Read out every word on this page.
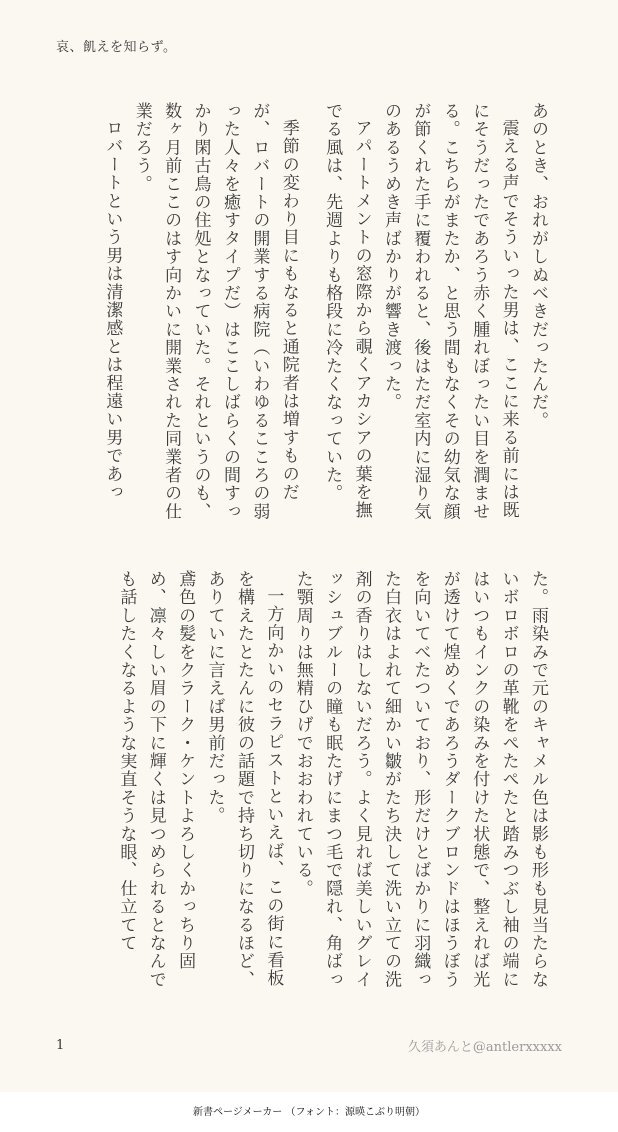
哀、飢えを知らず。

あのとき、おれがしぬべきだったんだ。

震える声でそういった男は、ここに来る前には既にそうだったであろう赤く腫れぼったい目を潤ませる。こちらがまたか、と思う間もなくその幼気な顔が節くれた手に覆われると、後はただ室内に湿り気のあるうめき声ばかりが響き渡った。

アパートメントの窓際から覗くアカシアの葉を撫でる風は、先週よりも格段に冷たくなっていた。

季節の変わり目にもなると通院者は増すものだが、ロバートの開業する病院（いわゆるこころの弱った人々を癒すタイプだ）はここしばらくの間すっかり閑古鳥の住処となっていた。それというのも、数ヶ月前ここのはす向かいに開業された同業者の仕業だろう。

ロバートという男は清潔感とは程遠い男であっ

た。雨染みで元のキャメル色は影も形も見当たらないボロボロの革靴をぺたぺたと踏みつぶし袖の端にはいつもインクの染みを付けた状態で、整えれば光が透けて煌めくであろうダークブロンドはほうぼうを向いてべたついており、形だけとばかりに羽織った白衣はよれて細かい皺がたち決して洗い立ての洗剤の香りはしないだろう。よく見れば美しいグレイッシュブルーの瞳も眠たげにまつ毛で隠れ、角ばった顎周りは無精ひげでおおわれている。

一方向かいのセラピストといえば、この街に看板を構えたとたんに彼の話題で持ち切りになるほど、ありていに言えば男前だった。

鳶色の髪をクラーク・ケントよろしくかっちり固め、凛々しい眉の下に輝くは見つめられるとなんでも話したくなるような実直そうな眼、仕立てて

1	久須あんと@antlerxxxxx
新書ページメーカー （フォント：源暎こぶり明朝）
